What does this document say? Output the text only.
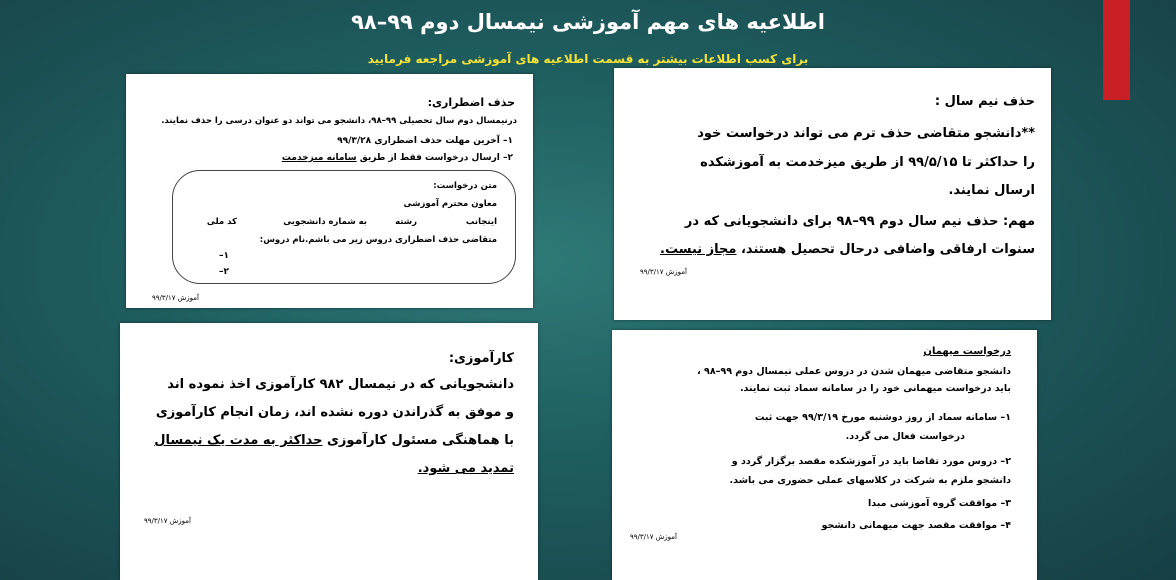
اطلاعیه های مهم آموزشی نیمسال دوم ۹۹–۹۸
برای کسب اطلاعات بیشتر به قسمت اطلاعیه های آموزشی مراجعه فرمایید
حذف اضطراری:
درنیمسال دوم سال تحصیلی ۹۹–۹۸، دانشجو می تواند دو عنوان درسی را حذف نمایند.
۱– آخرین مهلت حذف اضطراری ۹۹/۳/۲۸
۲– ارسال درخواست فقط از طریق سامانه میزخدمت
متن درخواست:
معاون محترم آموزشی
اینجانب
رشته
به شماره دانشجویی
کد ملی
متقاضی حذف اضطراری دروس زیر می باشم.نام دروس:
۱–
۲–
آموزش ۹۹/۳/۱۷
حذف نیم سال :
**دانشجو متقاضی حذف ترم می تواند درخواست خود
را حداکثر تا ۹۹/۵/۱۵ از طریق میزخدمت به آموزشکده
ارسال نمایند.
مهم: حذف نیم سال دوم ۹۹–۹۸ برای دانشجویانی که در
سنوات ارفاقی واضافی درحال تحصیل هستند، مجاز نیست.
آموزش ۹۹/۳/۱۷
کارآموزی:
دانشجویانی که در نیمسال ۹۸۲ کارآموزی اخذ نموده اند
و موفق به گذراندن دوره نشده اند، زمان انجام کارآموزی
با هماهنگی مسئول کارآموزی حداکثر به مدت یک نیمسال
تمدید می شود.
آموزش ۹۹/۳/۱۷
درخواست میهمان
دانشجو متقاضی میهمان شدن در دروس عملی نیمسال دوم ۹۹–۹۸ ،
باید درخواست میهمانی خود را در سامانه سماد ثبت نمایند.
۱– سامانه سماد از روز دوشنبه مورخ ۹۹/۳/۱۹ جهت ثبت
درخواست فعال می گردد.
۲– دروس مورد تقاضا باید در آموزشکده مقصد برگزار گردد و
دانشجو ملزم به شرکت در کلاسهای عملی حضوری می باشد.
۳– موافقت گروه آموزشی مبدا
۴– موافقت مقصد جهت میهمانی دانشجو
آموزش ۹۹/۳/۱۷
